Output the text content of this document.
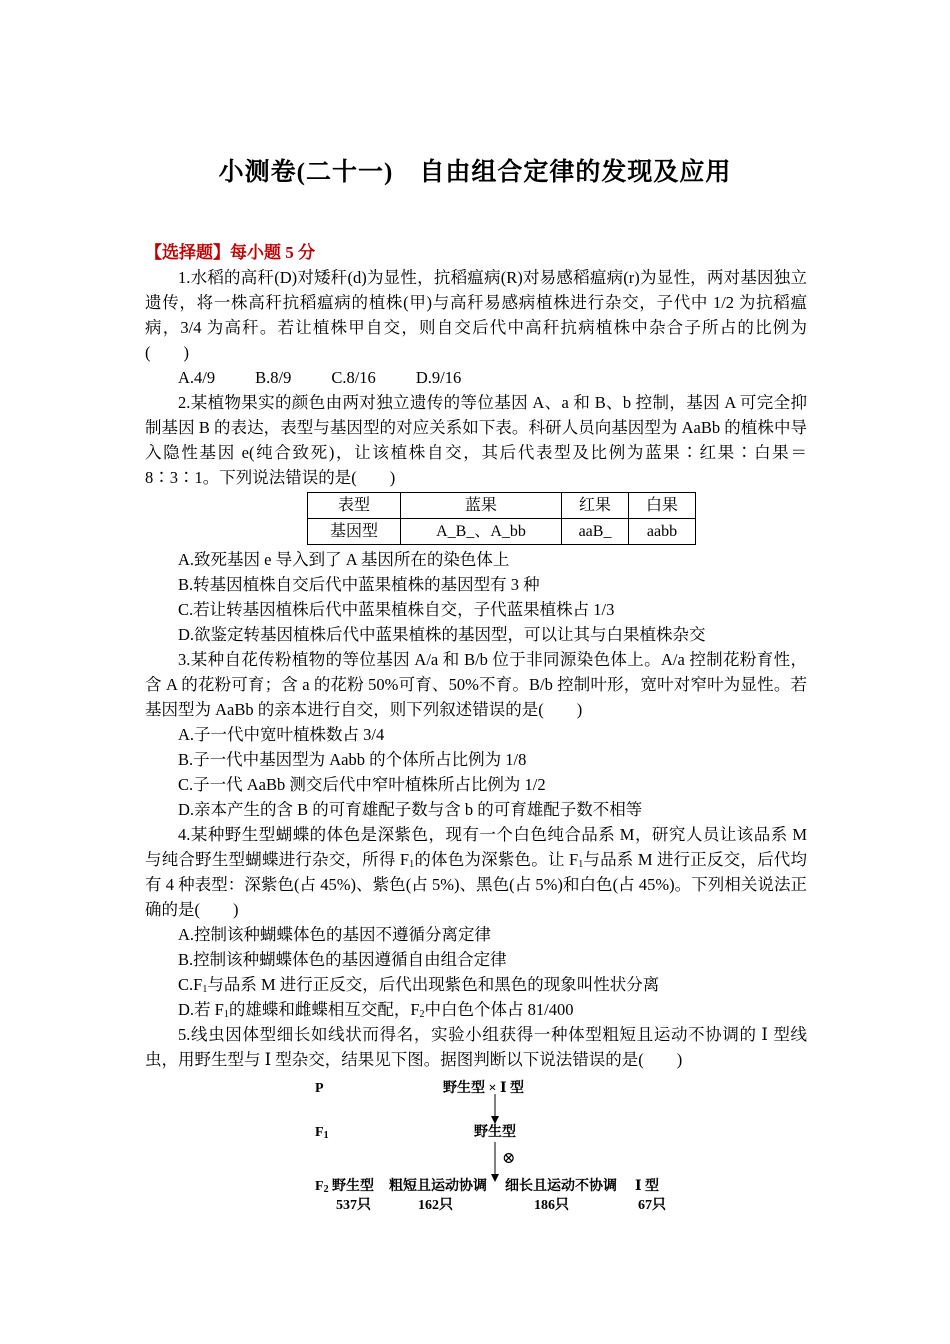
小测卷(二十一)　自由组合定律的发现及应用

【选择题】每小题 5 分

1.水稻的高秆(D)对矮秆(d)为显性，抗稻瘟病(R)对易感稻瘟病(r)为显性，两对基因独立遗传，将一株高秆抗稻瘟病的植株(甲)与高秆易感病植株进行杂交，子代中 1/2 为抗稻瘟病，3/4 为高秆。若让植株甲自交，则自交后代中高秆抗病植株中杂合子所占的比例为(　　)

A.4/9 B.8/9 C.8/16 D.9/16

2.某植物果实的颜色由两对独立遗传的等位基因 A、a 和 B、b 控制，基因 A 可完全抑制基因 B 的表达，表型与基因型的对应关系如下表。科研人员向基因型为 AaBb 的植株中导入隐性基因 e(纯合致死)，让该植株自交，其后代表型及比例为蓝果∶红果∶白果＝8∶3∶1。下列说法错误的是(　　)

表型	蓝果	红果	白果
基因型	A_B_、A_bb	aaB_	aabb

A.致死基因 e 导入到了 A 基因所在的染色体上

B.转基因植株自交后代中蓝果植株的基因型有 3 种

C.若让转基因植株后代中蓝果植株自交，子代蓝果植株占 1/3

D.欲鉴定转基因植株后代中蓝果植株的基因型，可以让其与白果植株杂交

3.某种自花传粉植物的等位基因 A/a 和 B/b 位于非同源染色体上。A/a 控制花粉育性，含 A 的花粉可育；含 a 的花粉 50%可育、50%不育。B/b 控制叶形，宽叶对窄叶为显性。若基因型为 AaBb 的亲本进行自交，则下列叙述错误的是(　　)

A.子一代中宽叶植株数占 3/4

B.子一代中基因型为 Aabb 的个体所占比例为 1/8

C.子一代 AaBb 测交后代中窄叶植株所占比例为 1/2

D.亲本产生的含 B 的可育雄配子数与含 b 的可育雄配子数不相等

4.某种野生型蝴蝶的体色是深紫色，现有一个白色纯合品系 M，研究人员让该品系 M 与纯合野生型蝴蝶进行杂交，所得 $F_1$的体色为深紫色。让 $F_1$与品系 M 进行正反交，后代均有 4 种表型：深紫色(占 45%)、紫色(占 5%)、黑色(占 5%)和白色(占 45%)。下列相关说法正确的是(　　)

A.控制该种蝴蝶体色的基因不遵循分离定律

B.控制该种蝴蝶体色的基因遵循自由组合定律

$C.F_1$与品系 M 进行正反交，后代出现紫色和黑色的现象叫性状分离

D.若 $F_1$的雄蝶和雌蝶相互交配，$F_2$中白色个体占 81/400

5.线虫因体型细长如线状而得名，实验小组获得一种体型粗短且运动不协调的 Ⅰ 型线虫，用野生型与 Ⅰ 型杂交，结果见下图。据图判断以下说法错误的是(　　)

P	野生型 × Ⅰ 型
$F_1$	野生型
⊗
$F_2$ 野生型 粗短且运动协调 细长且运动不协调 Ⅰ 型
537只	162只	186只	67只
